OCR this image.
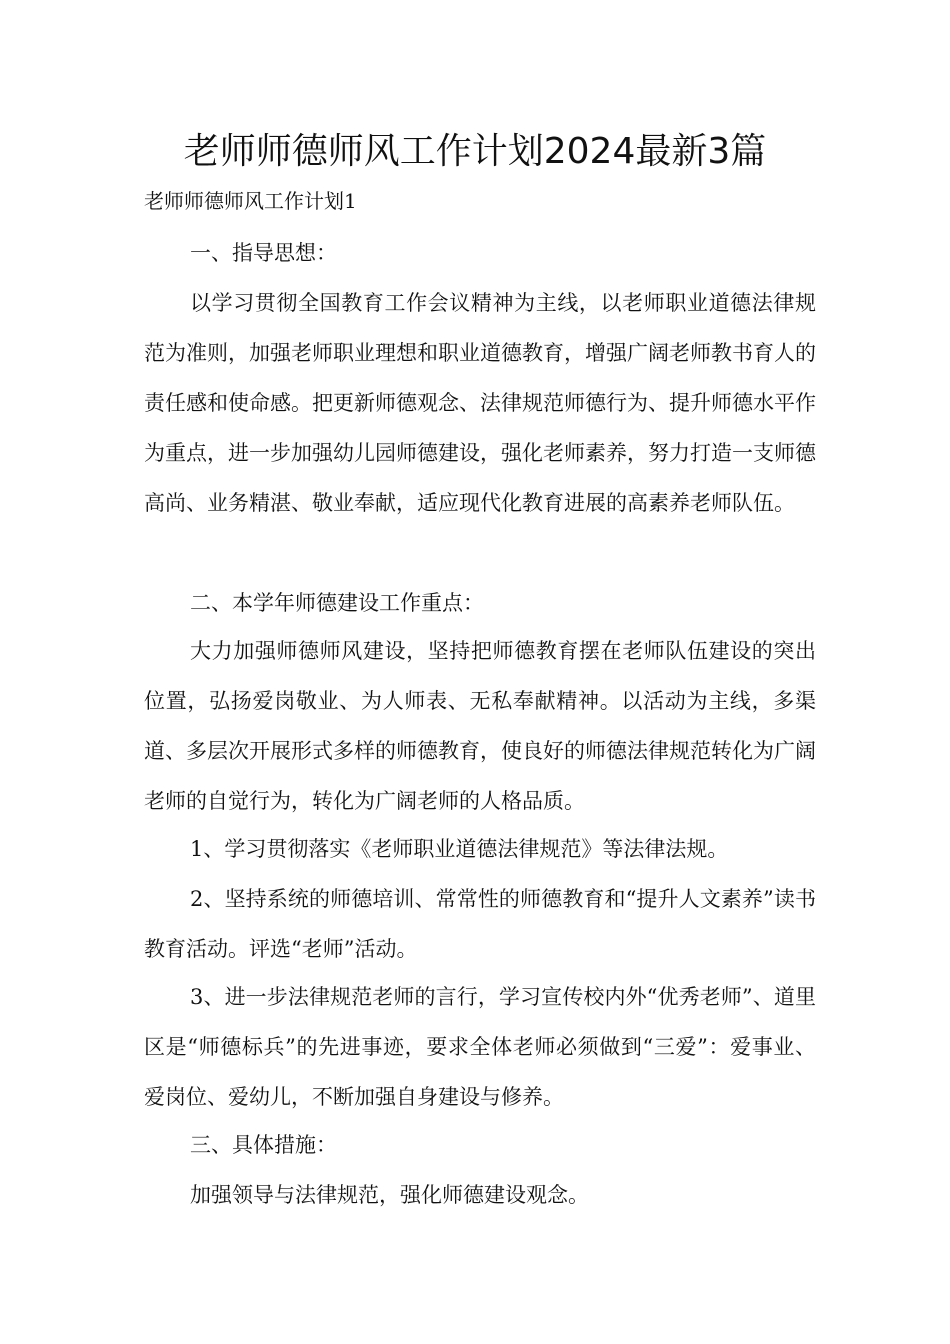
老师师德师风工作计划2024最新3篇

老师师德师风工作计划1

一、指导思想：

以学习贯彻全国教育工作会议精神为主线，以老师职业道德法律规范为准则，加强老师职业理想和职业道德教育，增强广阔老师教书育人的责任感和使命感。把更新师德观念、法律规范师德行为、提升师德水平作为重点，进一步加强幼儿园师德建设，强化老师素养，努力打造一支师德高尚、业务精湛、敬业奉献，适应现代化教育进展的高素养老师队伍。

二、本学年师德建设工作重点：

大力加强师德师风建设，坚持把师德教育摆在老师队伍建设的突出位置，弘扬爱岗敬业、为人师表、无私奉献精神。以活动为主线，多渠道、多层次开展形式多样的师德教育，使良好的师德法律规范转化为广阔老师的自觉行为，转化为广阔老师的人格品质。

1、学习贯彻落实《老师职业道德法律规范》等法律法规。

2、坚持系统的师德培训、常常性的师德教育和“提升人文素养”读书教育活动。评选“老师”活动。

3、进一步法律规范老师的言行，学习宣传校内外“优秀老师”、道里区是“师德标兵”的先进事迹，要求全体老师必须做到“三爱”：爱事业、爱岗位、爱幼儿，不断加强自身建设与修养。

三、具体措施：

加强领导与法律规范，强化师德建设观念。
